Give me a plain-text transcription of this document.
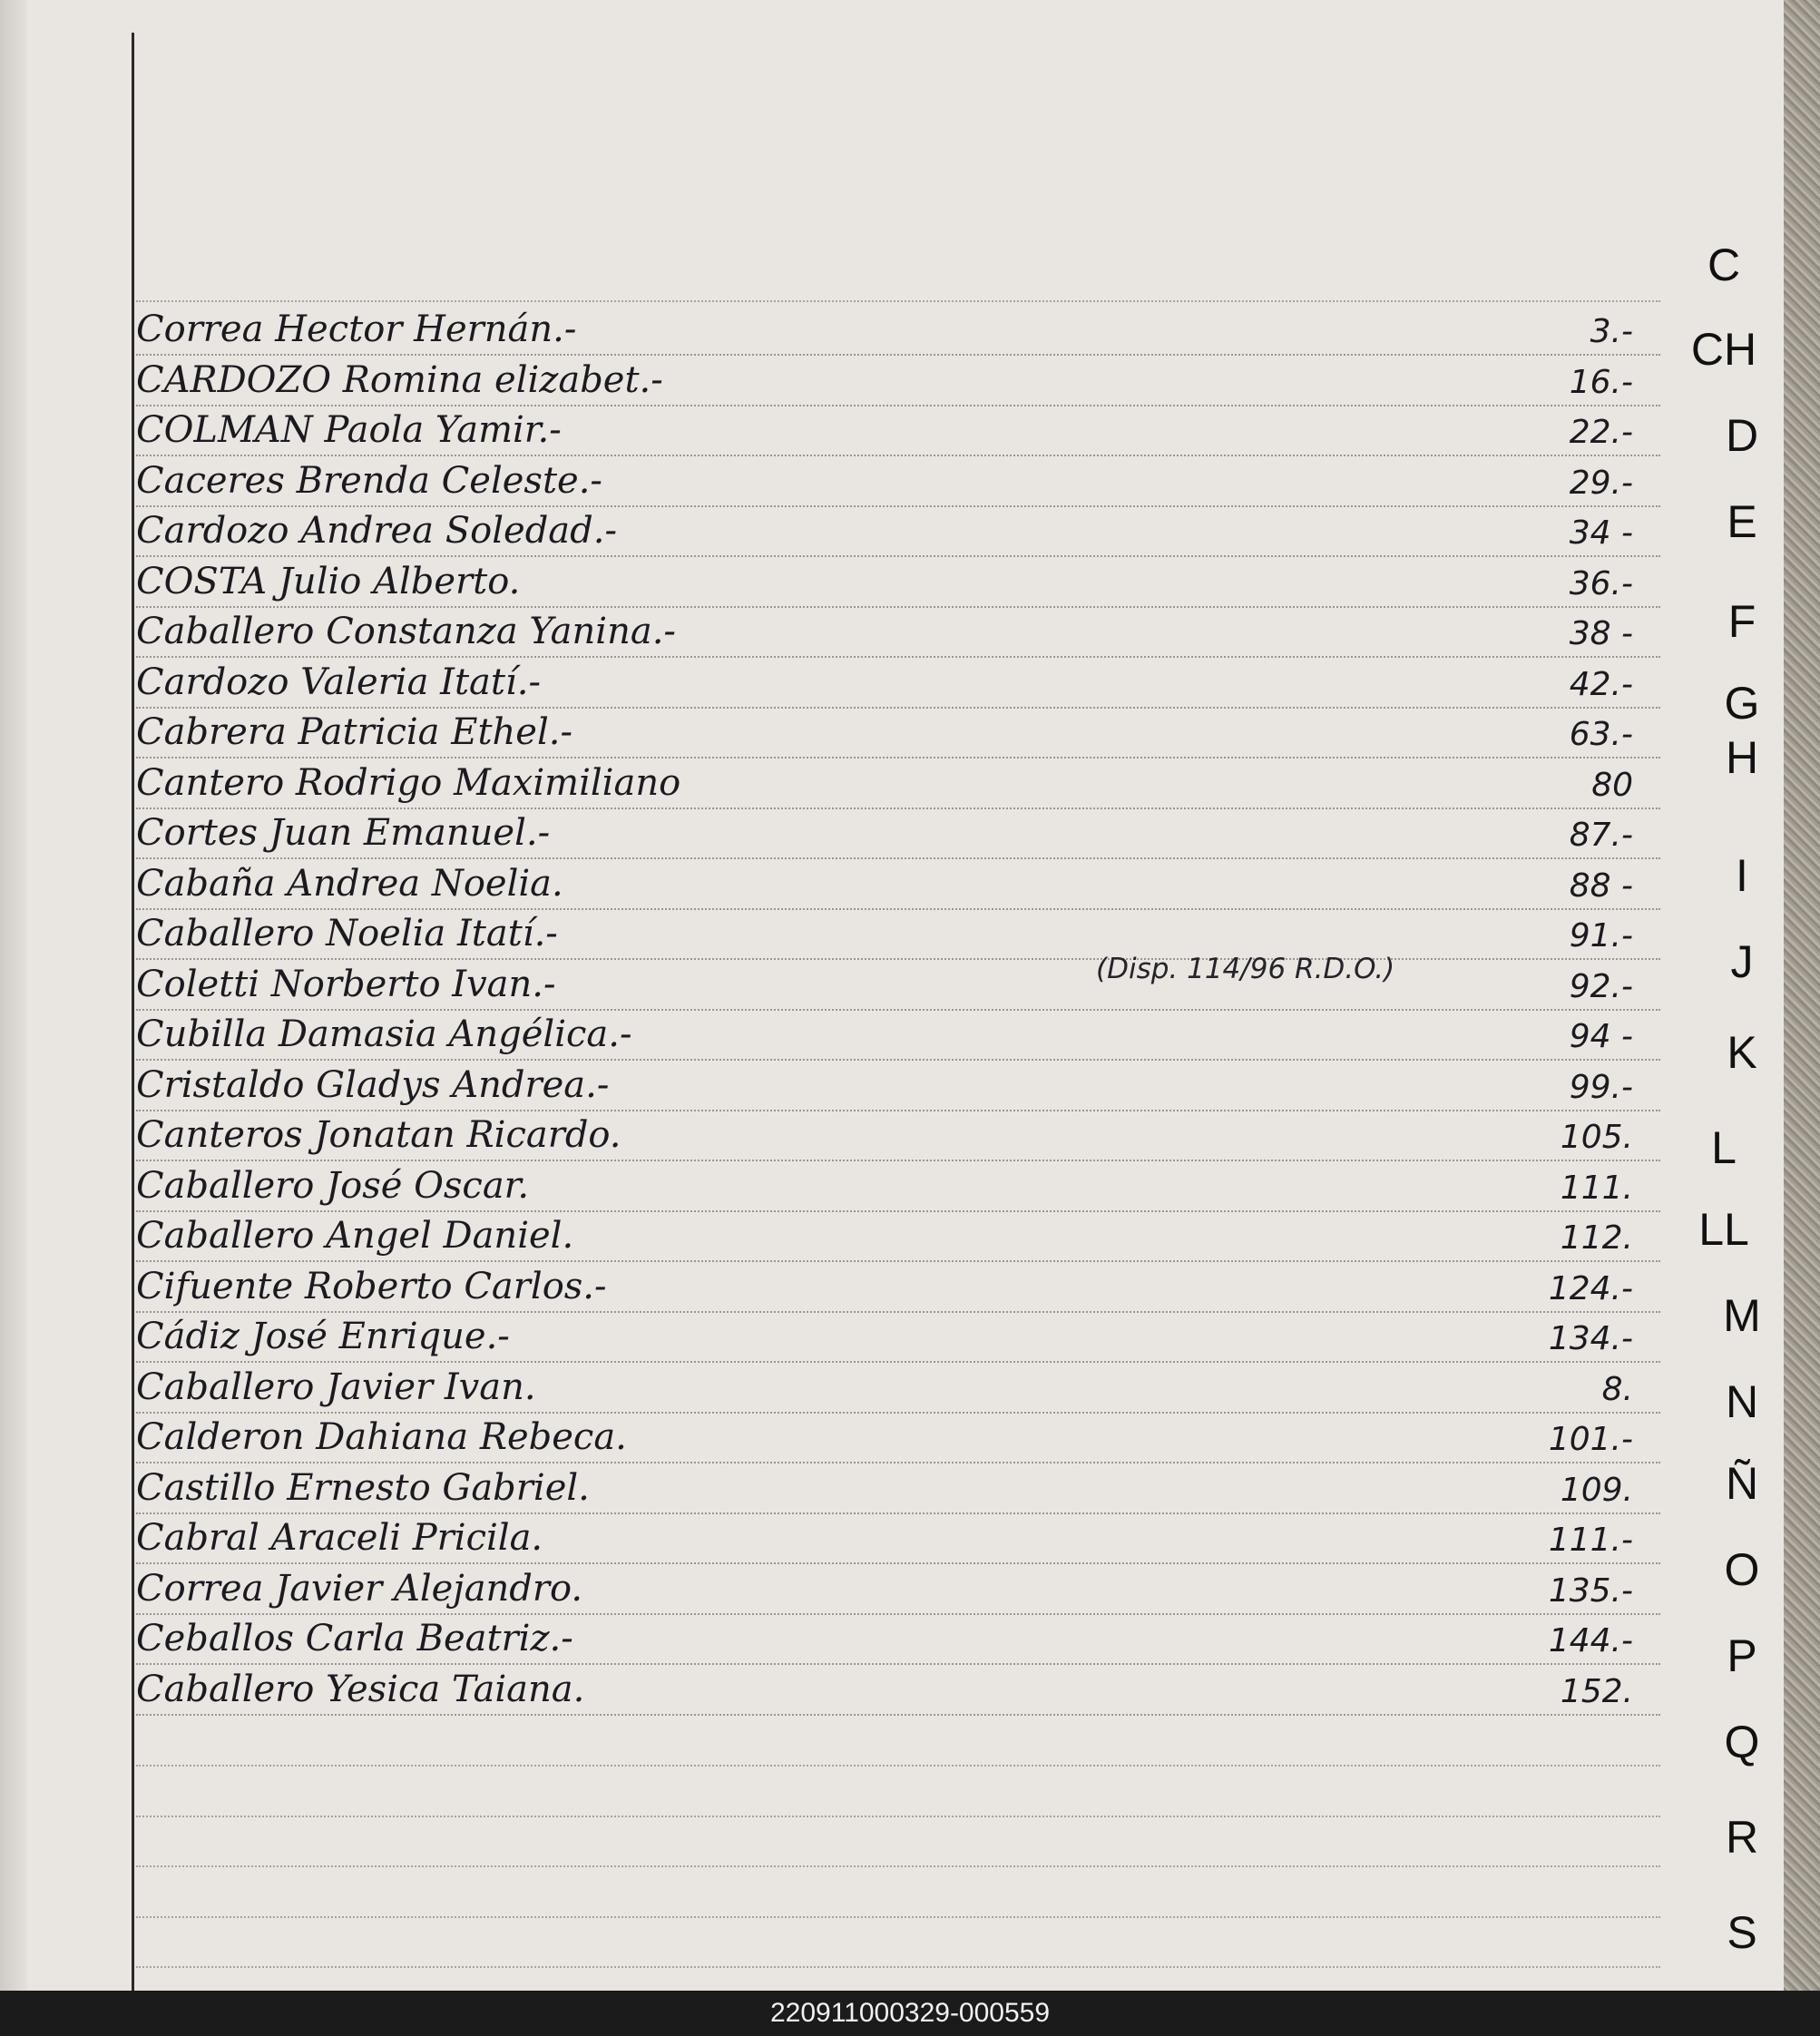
Correa Hector Hernán.-	3.-
CARDOZO Romina elizabet.-	16.-
COLMAN Paola Yamir.-	22.-
Caceres Brenda Celeste.-	29.-
Cardozo Andrea Soledad.-	34 -
COSTA Julio Alberto.	36.-
Caballero Constanza Yanina.-	38 -
Cardozo Valeria Itatí.-	42.-
Cabrera Patricia Ethel.-	63.-
Cantero Rodrigo Maximiliano	80
Cortes Juan Emanuel.-	87.-
Cabaña Andrea Noelia.	88 -
Caballero Noelia Itatí.-	91.-
Coletti Norberto Ivan.-	92.-
Cubilla Damasia Angélica.-	94 -
Cristaldo Gladys Andrea.-	99.-
Canteros Jonatan Ricardo.	105.
Caballero José Oscar.	111.
Caballero Angel Daniel.	112.
Cifuente Roberto Carlos.-	124.-
Cádiz José Enrique.-	134.-
Caballero Javier Ivan.	8.
Calderon Dahiana Rebeca.	101.-
Castillo Ernesto Gabriel.	109.
Cabral Araceli Pricila.	111.-
Correa Javier Alejandro.	135.-
Ceballos Carla Beatriz.-	144.-
Caballero Yesica Taiana.	152.
(Disp. 114/96 R.D.O.)
C
CH
D
E
F
G
H
I
J
K
L
LL
M
N
Ñ
O
P
Q
R
S
220911000329-000559
